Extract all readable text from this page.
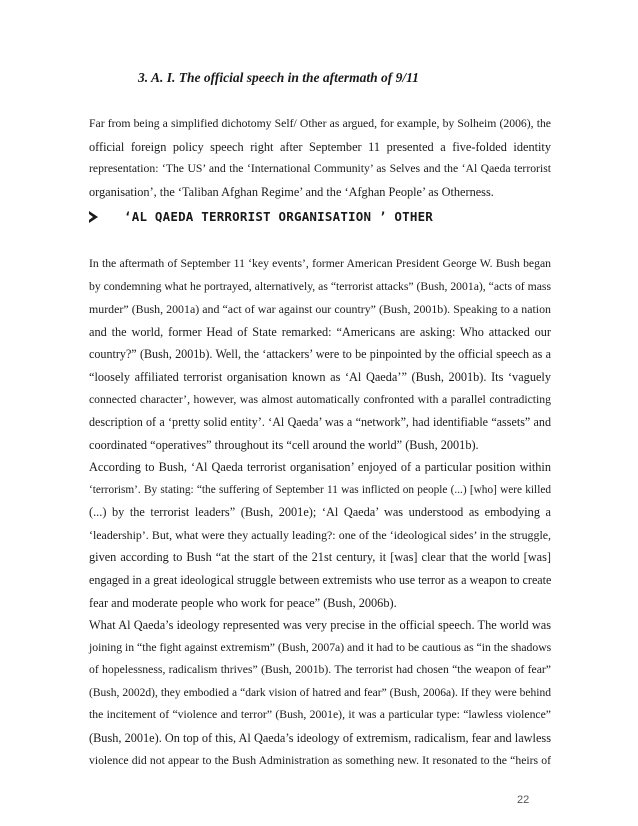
3. A. I. The official speech in the aftermath of 9/11
Far from being a simplified dichotomy Self/ Other as argued, for example, by Solheim (2006), the
official foreign policy speech right after September 11 presented a five-folded identity
representation: ‘The US’ and the ‘International Community’ as Selves and the ‘Al Qaeda terrorist
organisation’, the ‘Taliban Afghan Regime’ and the ‘Afghan People’ as Otherness.
‘AL QAEDA TERRORIST ORGANISATION ’ OTHER
In the aftermath of September 11 ‘key events’, former American President George W. Bush began
by condemning what he portrayed, alternatively, as “terrorist attacks” (Bush, 2001a), “acts of mass
murder” (Bush, 2001a) and “act of war against our country” (Bush, 2001b). Speaking to a nation
and the world, former Head of State remarked: “Americans are asking: Who attacked our
country?” (Bush, 2001b). Well, the ‘attackers’ were to be pinpointed by the official speech as a
“loosely affiliated terrorist organisation known as ‘Al Qaeda’” (Bush, 2001b). Its ‘vaguely
connected character’, however, was almost automatically confronted with a parallel contradicting
description of a ‘pretty solid entity’. ‘Al Qaeda’ was a “network”, had identifiable “assets” and
coordinated “operatives” throughout its “cell around the world” (Bush, 2001b).
According to Bush, ‘Al Qaeda terrorist organisation’ enjoyed of a particular position within
‘terrorism’. By stating: “the suffering of September 11 was inflicted on people (...) [who] were killed
(...) by the terrorist leaders” (Bush, 2001e); ‘Al Qaeda’ was understood as embodying a
‘leadership’. But, what were they actually leading?: one of the ‘ideological sides’ in the struggle,
given according to Bush “at the start of the 21st century, it [was] clear that the world [was]
engaged in a great ideological struggle between extremists who use terror as a weapon to create
fear and moderate people who work for peace” (Bush, 2006b).
What Al Qaeda’s ideology represented was very precise in the official speech. The world was
joining in “the fight against extremism” (Bush, 2007a) and it had to be cautious as “in the shadows
of hopelessness, radicalism thrives” (Bush, 2001b). The terrorist had chosen “the weapon of fear”
(Bush, 2002d), they embodied a “dark vision of hatred and fear” (Bush, 2006a). If they were behind
the incitement of “violence and terror” (Bush, 2001e), it was a particular type: “lawless violence”
(Bush, 2001e). On top of this, Al Qaeda’s ideology of extremism, radicalism, fear and lawless
violence did not appear to the Bush Administration as something new. It resonated to the “heirs of
22
